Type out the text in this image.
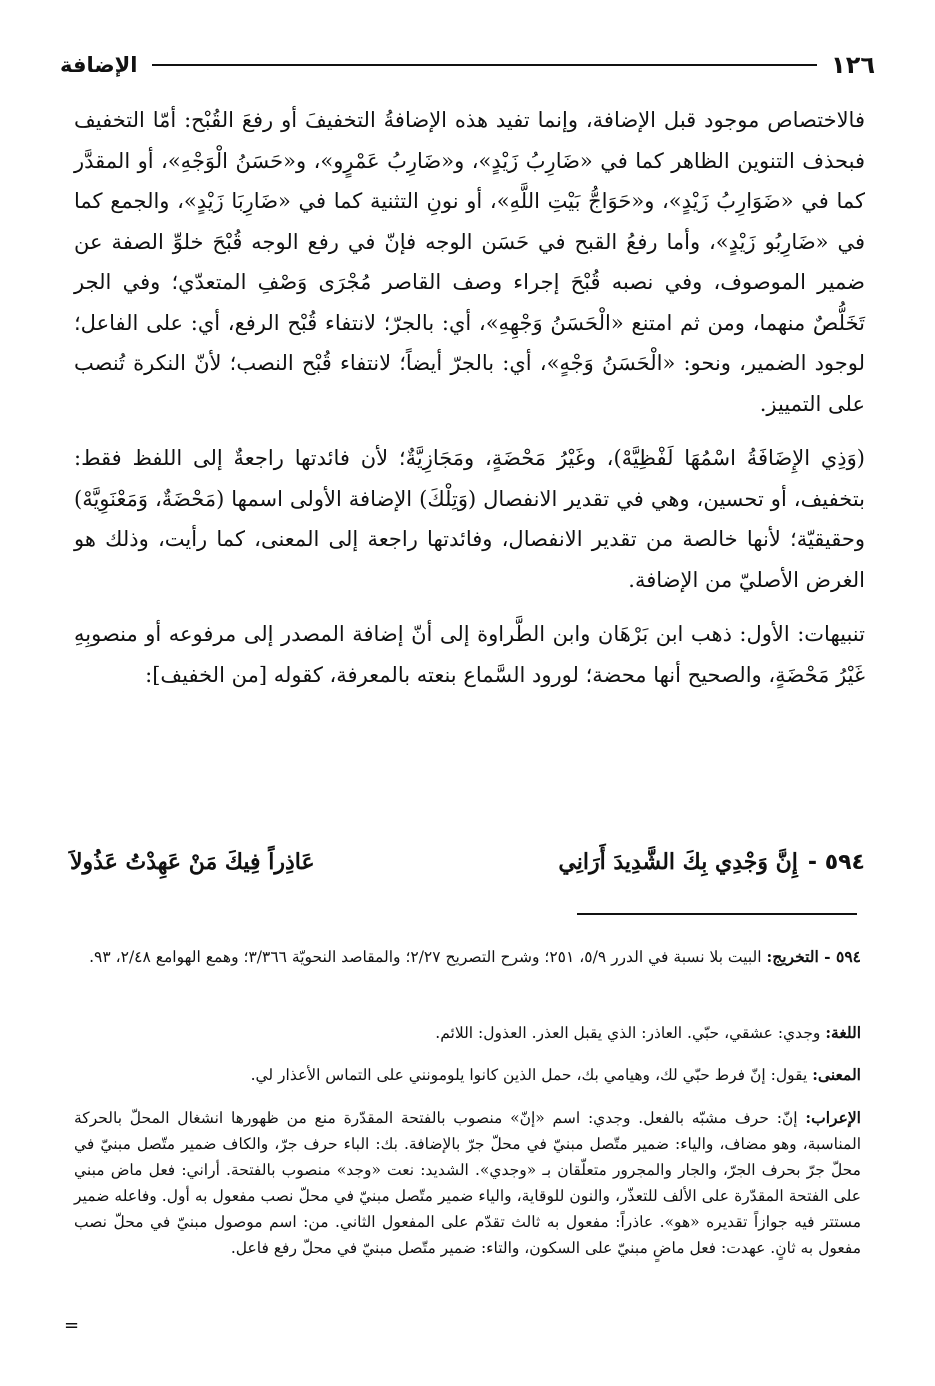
١٢٦
الإضافة

فالاختصاص موجود قبل الإضافة، وإنما تفيد هذه الإضافةُ التخفيفَ أو رفعَ القُبْح: أمّا التخفيف فبحذف التنوين الظاهر كما في «ضَارِبُ زَيْدٍ»، و«ضَارِبُ عَمْرٍو»، و«حَسَنُ الْوَجْهِ»، أو المقدَّر كما في «ضَوَارِبُ زَيْدٍ»، و«حَوَاجُّ بَيْتِ اللَّهِ»، أو نونِ التثنية كما في «ضَارِبَا زَيْدٍ»، والجمع كما في «ضَارِبُو زَيْدٍ»، وأما رفعُ القبح في حَسَن الوجه فإنّ في رفع الوجه قُبْحَ خلوِّ الصفة عن ضمير الموصوف، وفي نصبه قُبْحَ إجراء وصف القاصر مُجْرَى وَصْفِ المتعدّي؛ وفي الجر تَخَلُّصٌ منهما، ومن ثم امتنع «الْحَسَنُ وَجْهِهِ»، أي: بالجرّ؛ لانتفاء قُبْح الرفع، أي: على الفاعل؛ لوجود الضمير، ونحو: «الْحَسَنُ وَجْهٍ»، أي: بالجرّ أيضاً؛ لانتفاء قُبْح النصب؛ لأنّ النكرة تُنصب على التمييز.

(وَذِي الإِضَافَةُ اسْمُهَا لَفْظِيَّهْ)، وغَيْرُ مَحْضَةٍ، ومَجَازِيَّةٌ؛ لأن فائدتها راجعةٌ إلى اللفظ فقط: بتخفيف، أو تحسين، وهي في تقدير الانفصال (وَتِلْكَ) الإضافة الأولى اسمها (مَحْضَةٌ، وَمَعْنَوِيَّهْ) وحقيقيّة؛ لأنها خالصة من تقدير الانفصال، وفائدتها راجعة إلى المعنى، كما رأيت، وذلك هو الغرض الأصليّ من الإضافة.

تنبيهات: الأول: ذهب ابن بَرْهَان وابن الطَّراوة إلى أنّ إضافة المصدر إلى مرفوعه أو منصوبِهِ غَيْرُ مَحْضَةٍ، والصحيح أنها محضة؛ لورود السَّماع بنعته بالمعرفة، كقوله [من الخفيف]:

٥٩٤ -
إِنَّ وَجْدِي بِكَ الشَّدِيدَ أَرَانِي
عَاذِراً فِيكَ مَنْ عَهِدْتُ عَذُولاَ

٥٩٤ - التخريج: البيت بلا نسبة في الدرر ٥/٩، ٢٥١؛ وشرح التصريح ٢/٢٧؛ والمقاصد النحويّة ٣/٣٦٦؛ وهمع الهوامع ٢/٤٨، ٩٣.

اللغة: وجدي: عشقي، حبّي. العاذر: الذي يقبل العذر. العذول: اللائم.

المعنى: يقول: إنّ فرط حبّي لك، وهيامي بك، حمل الذين كانوا يلومونني على التماس الأعذار لي.

الإعراب: إنّ: حرف مشبّه بالفعل. وجدي: اسم «إنّ» منصوب بالفتحة المقدّرة منع من ظهورها انشغال المحلّ بالحركة المناسبة، وهو مضاف، والياء: ضمير متّصل مبنيّ في محلّ جرّ بالإضافة. بك: الباء حرف جرّ، والكاف ضمير متّصل مبنيّ في محلّ جرّ بحرف الجرّ، والجار والمجرور متعلّقان بـ «وجدي». الشديد: نعت «وجد» منصوب بالفتحة. أراني: فعل ماض مبني على الفتحة المقدّرة على الألف للتعذّر، والنون للوقاية، والياء ضمير متّصل مبنيّ في محلّ نصب مفعول به أول. وفاعله ضمير مستتر فيه جوازاً تقديره «هو». عاذراً: مفعول به ثالث تقدّم على المفعول الثاني. من: اسم موصول مبنيّ في محلّ نصب مفعول به ثانٍ. عهدت: فعل ماضٍ مبنيّ على السكون، والتاء: ضمير متّصل مبنيّ في محلّ رفع فاعل.

=
